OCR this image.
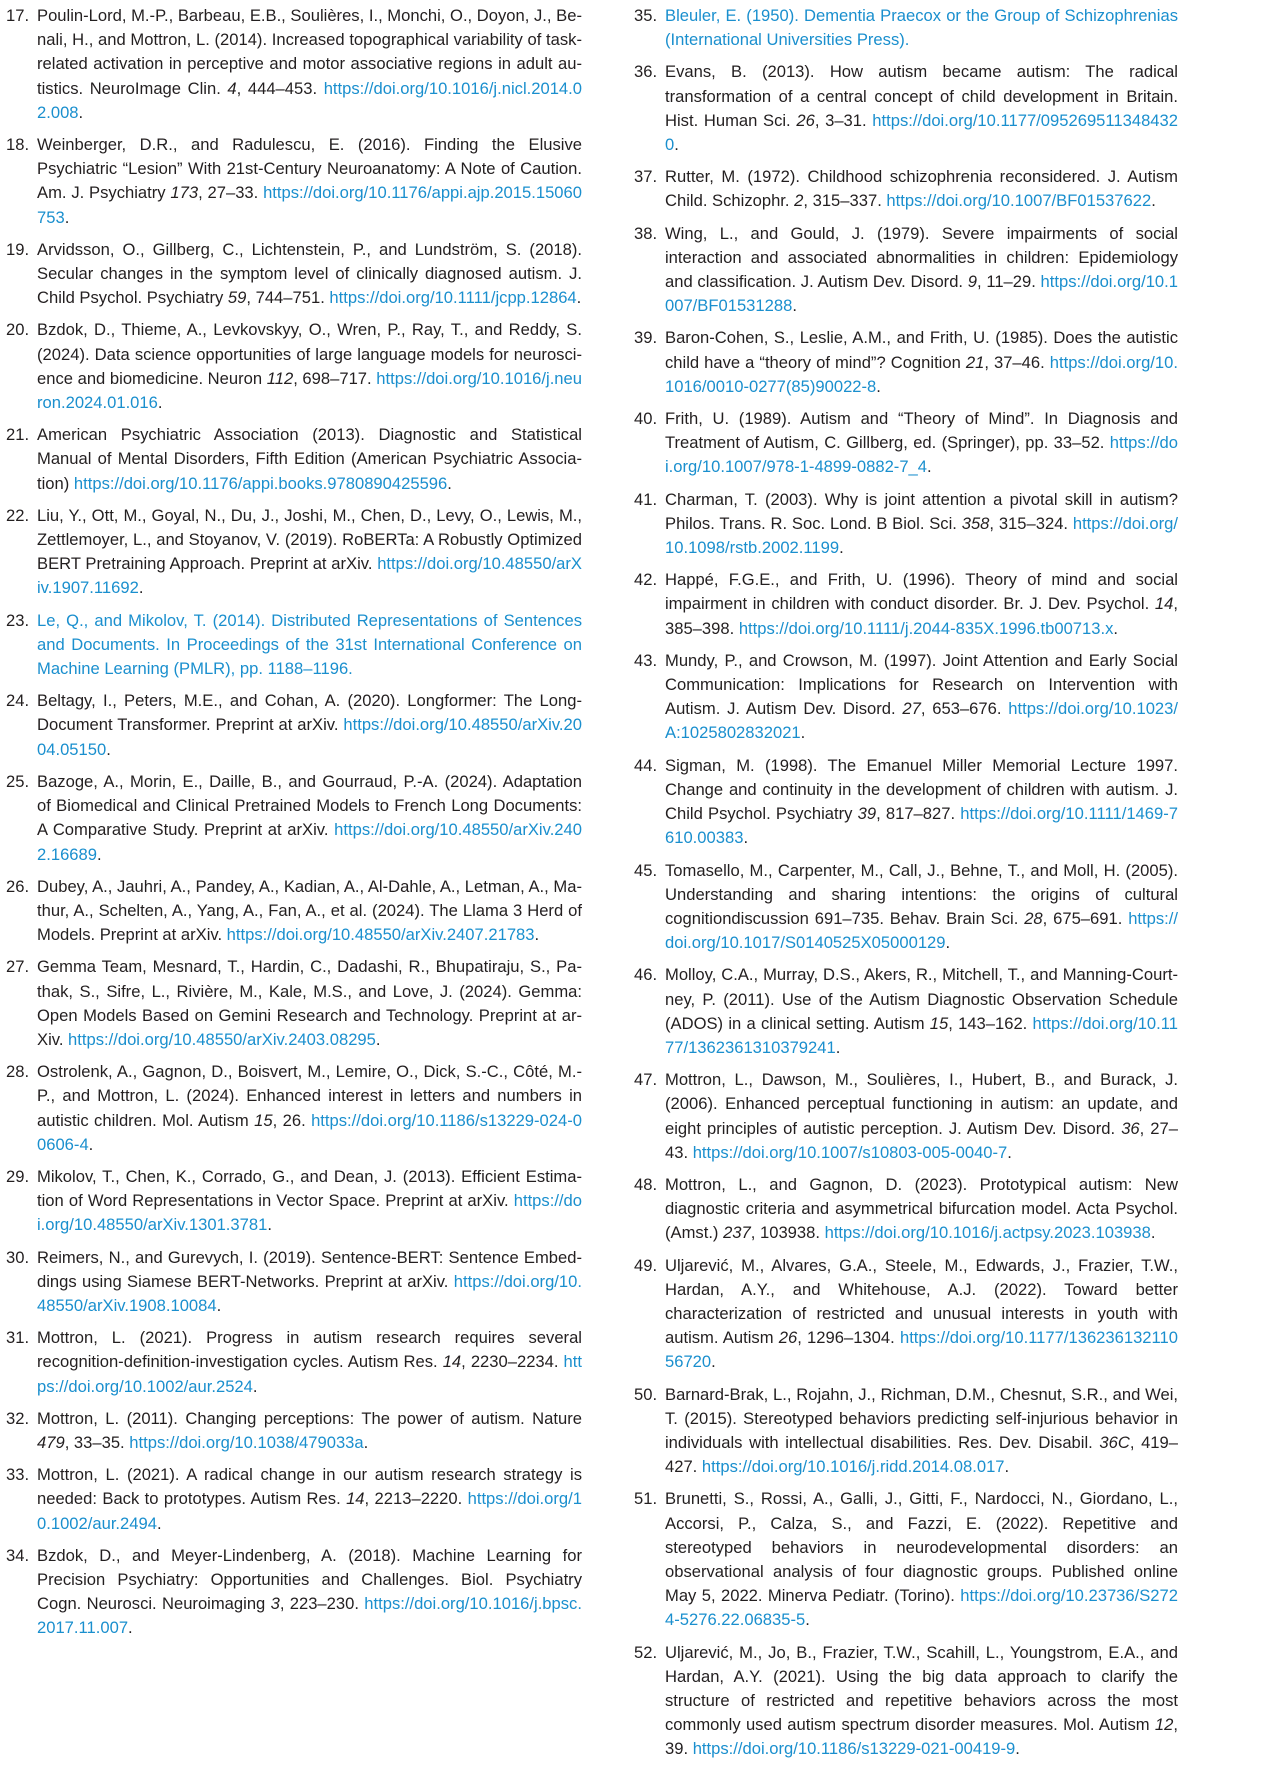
17. Poulin-Lord, M.-P., Barbeau, E.B., Soulières, I., Monchi, O., Doyon, J., Benali, H., and Mottron, L. (2014). Increased topographical variability of task-related activation in perceptive and motor associative regions in adult autistics. NeuroImage Clin. 4, 444–453. https://doi.org/10.1016/j.nicl.2014.02.008.
18. Weinberger, D.R., and Radulescu, E. (2016). Finding the Elusive Psychiatric “Lesion” With 21st-Century Neuroanatomy: A Note of Caution. Am. J. Psychiatry 173, 27–33. https://doi.org/10.1176/appi.ajp.2015.15060753.
19. Arvidsson, O., Gillberg, C., Lichtenstein, P., and Lundström, S. (2018). Secular changes in the symptom level of clinically diagnosed autism. J. Child Psychol. Psychiatry 59, 744–751. https://doi.org/10.1111/jcpp.12864.
20. Bzdok, D., Thieme, A., Levkovskyy, O., Wren, P., Ray, T., and Reddy, S. (2024). Data science opportunities of large language models for neuroscience and biomedicine. Neuron 112, 698–717. https://doi.org/10.1016/j.neuron.2024.01.016.
21. American Psychiatric Association (2013). Diagnostic and Statistical Manual of Mental Disorders, Fifth Edition (American Psychiatric Association) https://doi.org/10.1176/appi.books.9780890425596.
22. Liu, Y., Ott, M., Goyal, N., Du, J., Joshi, M., Chen, D., Levy, O., Lewis, M., Zettlemoyer, L., and Stoyanov, V. (2019). RoBERTa: A Robustly Optimized BERT Pretraining Approach. Preprint at arXiv. https://doi.org/10.48550/arXiv.1907.11692.
23. Le, Q., and Mikolov, T. (2014). Distributed Representations of Sentences and Documents. In Proceedings of the 31st International Conference on Machine Learning (PMLR), pp. 1188–1196.
24. Beltagy, I., Peters, M.E., and Cohan, A. (2020). Longformer: The Long-Document Transformer. Preprint at arXiv. https://doi.org/10.48550/arXiv.2004.05150.
25. Bazoge, A., Morin, E., Daille, B., and Gourraud, P.-A. (2024). Adaptation of Biomedical and Clinical Pretrained Models to French Long Documents: A Comparative Study. Preprint at arXiv. https://doi.org/10.48550/arXiv.2402.16689.
26. Dubey, A., Jauhri, A., Pandey, A., Kadian, A., Al-Dahle, A., Letman, A., Mathur, A., Schelten, A., Yang, A., Fan, A., et al. (2024). The Llama 3 Herd of Models. Preprint at arXiv. https://doi.org/10.48550/arXiv.2407.21783.
27. Gemma Team, Mesnard, T., Hardin, C., Dadashi, R., Bhupatiraju, S., Pathak, S., Sifre, L., Rivière, M., Kale, M.S., and Love, J. (2024). Gemma: Open Models Based on Gemini Research and Technology. Preprint at arXiv. https://doi.org/10.48550/arXiv.2403.08295.
28. Ostrolenk, A., Gagnon, D., Boisvert, M., Lemire, O., Dick, S.-C., Côté, M.-P., and Mottron, L. (2024). Enhanced interest in letters and numbers in autistic children. Mol. Autism 15, 26. https://doi.org/10.1186/s13229-024-00606-4.
29. Mikolov, T., Chen, K., Corrado, G., and Dean, J. (2013). Efficient Estimation of Word Representations in Vector Space. Preprint at arXiv. https://doi.org/10.48550/arXiv.1301.3781.
30. Reimers, N., and Gurevych, I. (2019). Sentence-BERT: Sentence Embeddings using Siamese BERT-Networks. Preprint at arXiv. https://doi.org/10.48550/arXiv.1908.10084.
31. Mottron, L. (2021). Progress in autism research requires several recognition-definition-investigation cycles. Autism Res. 14, 2230–2234. https://doi.org/10.1002/aur.2524.
32. Mottron, L. (2011). Changing perceptions: The power of autism. Nature 479, 33–35. https://doi.org/10.1038/479033a.
33. Mottron, L. (2021). A radical change in our autism research strategy is needed: Back to prototypes. Autism Res. 14, 2213–2220. https://doi.org/10.1002/aur.2494.
34. Bzdok, D., and Meyer-Lindenberg, A. (2018). Machine Learning for Precision Psychiatry: Opportunities and Challenges. Biol. Psychiatry Cogn. Neurosci. Neuroimaging 3, 223–230. https://doi.org/10.1016/j.bpsc.2017.11.007.
35. Bleuler, E. (1950). Dementia Praecox or the Group of Schizophrenias (International Universities Press).
36. Evans, B. (2013). How autism became autism: The radical transformation of a central concept of child development in Britain. Hist. Human Sci. 26, 3–31. https://doi.org/10.1177/0952695113484320.
37. Rutter, M. (1972). Childhood schizophrenia reconsidered. J. Autism Child. Schizophr. 2, 315–337. https://doi.org/10.1007/BF01537622.
38. Wing, L., and Gould, J. (1979). Severe impairments of social interaction and associated abnormalities in children: Epidemiology and classification. J. Autism Dev. Disord. 9, 11–29. https://doi.org/10.1007/BF01531288.
39. Baron-Cohen, S., Leslie, A.M., and Frith, U. (1985). Does the autistic child have a “theory of mind”? Cognition 21, 37–46. https://doi.org/10.1016/0010-0277(85)90022-8.
40. Frith, U. (1989). Autism and “Theory of Mind”. In Diagnosis and Treatment of Autism, C. Gillberg, ed. (Springer), pp. 33–52. https://doi.org/10.1007/978-1-4899-0882-7_4.
41. Charman, T. (2003). Why is joint attention a pivotal skill in autism? Philos. Trans. R. Soc. Lond. B Biol. Sci. 358, 315–324. https://doi.org/10.1098/rstb.2002.1199.
42. Happé, F.G.E., and Frith, U. (1996). Theory of mind and social impairment in children with conduct disorder. Br. J. Dev. Psychol. 14, 385–398. https://doi.org/10.1111/j.2044-835X.1996.tb00713.x.
43. Mundy, P., and Crowson, M. (1997). Joint Attention and Early Social Communication: Implications for Research on Intervention with Autism. J. Autism Dev. Disord. 27, 653–676. https://doi.org/10.1023/A:1025802832021.
44. Sigman, M. (1998). The Emanuel Miller Memorial Lecture 1997. Change and continuity in the development of children with autism. J. Child Psychol. Psychiatry 39, 817–827. https://doi.org/10.1111/1469-7610.00383.
45. Tomasello, M., Carpenter, M., Call, J., Behne, T., and Moll, H. (2005). Understanding and sharing intentions: the origins of cultural cognitiondiscussion 691–735. Behav. Brain Sci. 28, 675–691. https://doi.org/10.1017/S0140525X05000129.
46. Molloy, C.A., Murray, D.S., Akers, R., Mitchell, T., and Manning-Courtney, P. (2011). Use of the Autism Diagnostic Observation Schedule (ADOS) in a clinical setting. Autism 15, 143–162. https://doi.org/10.1177/1362361310379241.
47. Mottron, L., Dawson, M., Soulières, I., Hubert, B., and Burack, J. (2006). Enhanced perceptual functioning in autism: an update, and eight principles of autistic perception. J. Autism Dev. Disord. 36, 27–43. https://doi.org/10.1007/s10803-005-0040-7.
48. Mottron, L., and Gagnon, D. (2023). Prototypical autism: New diagnostic criteria and asymmetrical bifurcation model. Acta Psychol. (Amst.) 237, 103938. https://doi.org/10.1016/j.actpsy.2023.103938.
49. Uljarević, M., Alvares, G.A., Steele, M., Edwards, J., Frazier, T.W., Hardan, A.Y., and Whitehouse, A.J. (2022). Toward better characterization of restricted and unusual interests in youth with autism. Autism 26, 1296–1304. https://doi.org/10.1177/13623613211056720.
50. Barnard-Brak, L., Rojahn, J., Richman, D.M., Chesnut, S.R., and Wei, T. (2015). Stereotyped behaviors predicting self-injurious behavior in individuals with intellectual disabilities. Res. Dev. Disabil. 36C, 419–427. https://doi.org/10.1016/j.ridd.2014.08.017.
51. Brunetti, S., Rossi, A., Galli, J., Gitti, F., Nardocci, N., Giordano, L., Accorsi, P., Calza, S., and Fazzi, E. (2022). Repetitive and stereotyped behaviors in neurodevelopmental disorders: an observational analysis of four diagnostic groups. Published online May 5, 2022. Minerva Pediatr. (Torino). https://doi.org/10.23736/S2724-5276.22.06835-5.
52. Uljarević, M., Jo, B., Frazier, T.W., Scahill, L., Youngstrom, E.A., and Hardan, A.Y. (2021). Using the big data approach to clarify the structure of restricted and repetitive behaviors across the most commonly used autism spectrum disorder measures. Mol. Autism 12, 39. https://doi.org/10.1186/s13229-021-00419-9.
